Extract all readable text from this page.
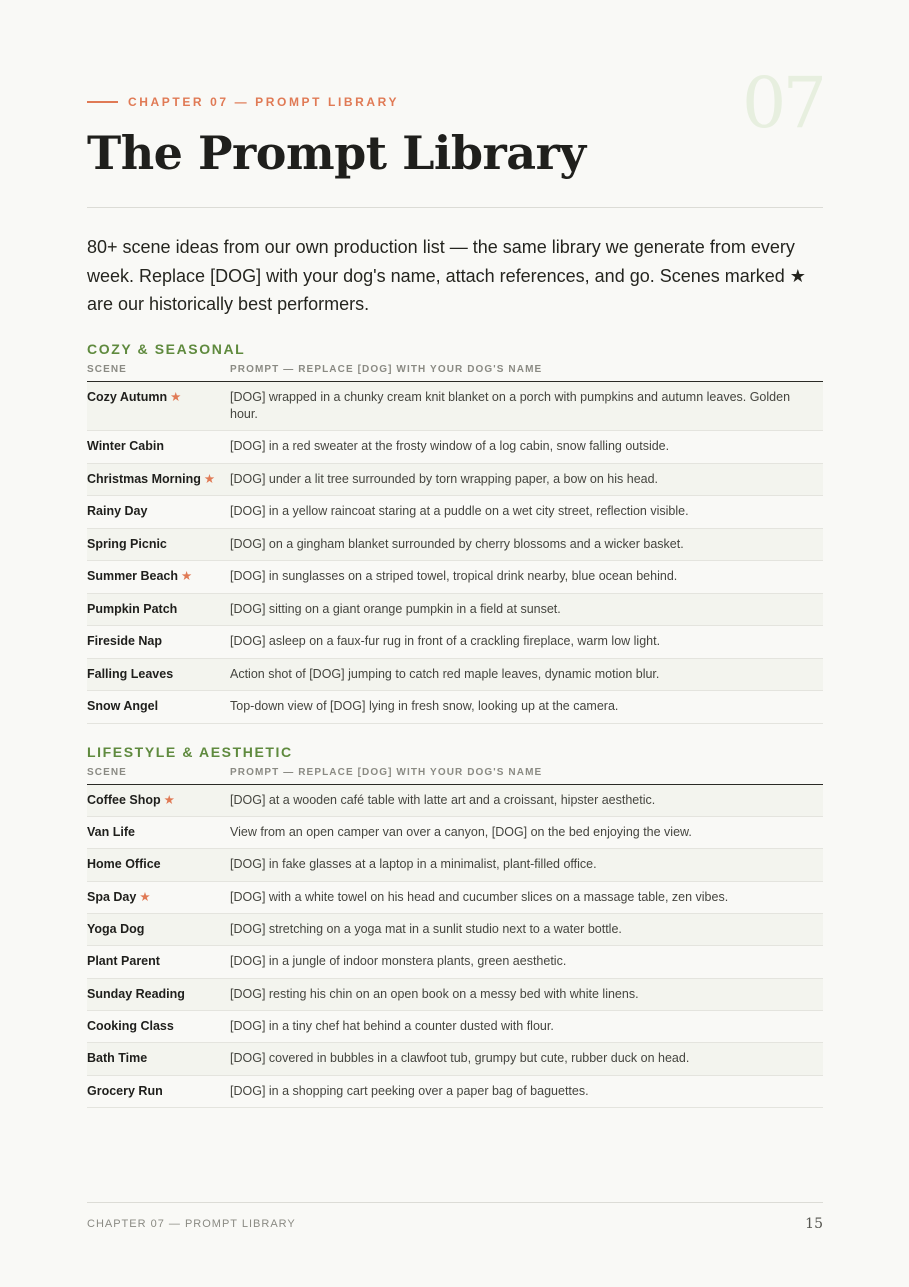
07
CHAPTER 07 — PROMPT LIBRARY
The Prompt Library
80+ scene ideas from our own production list — the same library we generate from every week. Replace [DOG] with your dog's name, attach references, and go. Scenes marked ★ are our historically best performers.
COZY & SEASONAL
SCENE	PROMPT — REPLACE [DOG] WITH YOUR DOG'S NAME
Cozy Autumn ★	[DOG] wrapped in a chunky cream knit blanket on a porch with pumpkins and autumn leaves. Golden hour.
Winter Cabin	[DOG] in a red sweater at the frosty window of a log cabin, snow falling outside.
Christmas Morning ★	[DOG] under a lit tree surrounded by torn wrapping paper, a bow on his head.
Rainy Day	[DOG] in a yellow raincoat staring at a puddle on a wet city street, reflection visible.
Spring Picnic	[DOG] on a gingham blanket surrounded by cherry blossoms and a wicker basket.
Summer Beach ★	[DOG] in sunglasses on a striped towel, tropical drink nearby, blue ocean behind.
Pumpkin Patch	[DOG] sitting on a giant orange pumpkin in a field at sunset.
Fireside Nap	[DOG] asleep on a faux-fur rug in front of a crackling fireplace, warm low light.
Falling Leaves	Action shot of [DOG] jumping to catch red maple leaves, dynamic motion blur.
Snow Angel	Top-down view of [DOG] lying in fresh snow, looking up at the camera.
LIFESTYLE & AESTHETIC
SCENE	PROMPT — REPLACE [DOG] WITH YOUR DOG'S NAME
Coffee Shop ★	[DOG] at a wooden café table with latte art and a croissant, hipster aesthetic.
Van Life	View from an open camper van over a canyon, [DOG] on the bed enjoying the view.
Home Office	[DOG] in fake glasses at a laptop in a minimalist, plant-filled office.
Spa Day ★	[DOG] with a white towel on his head and cucumber slices on a massage table, zen vibes.
Yoga Dog	[DOG] stretching on a yoga mat in a sunlit studio next to a water bottle.
Plant Parent	[DOG] in a jungle of indoor monstera plants, green aesthetic.
Sunday Reading	[DOG] resting his chin on an open book on a messy bed with white linens.
Cooking Class	[DOG] in a tiny chef hat behind a counter dusted with flour.
Bath Time	[DOG] covered in bubbles in a clawfoot tub, grumpy but cute, rubber duck on head.
Grocery Run	[DOG] in a shopping cart peeking over a paper bag of baguettes.
CHAPTER 07 — PROMPT LIBRARY	15
